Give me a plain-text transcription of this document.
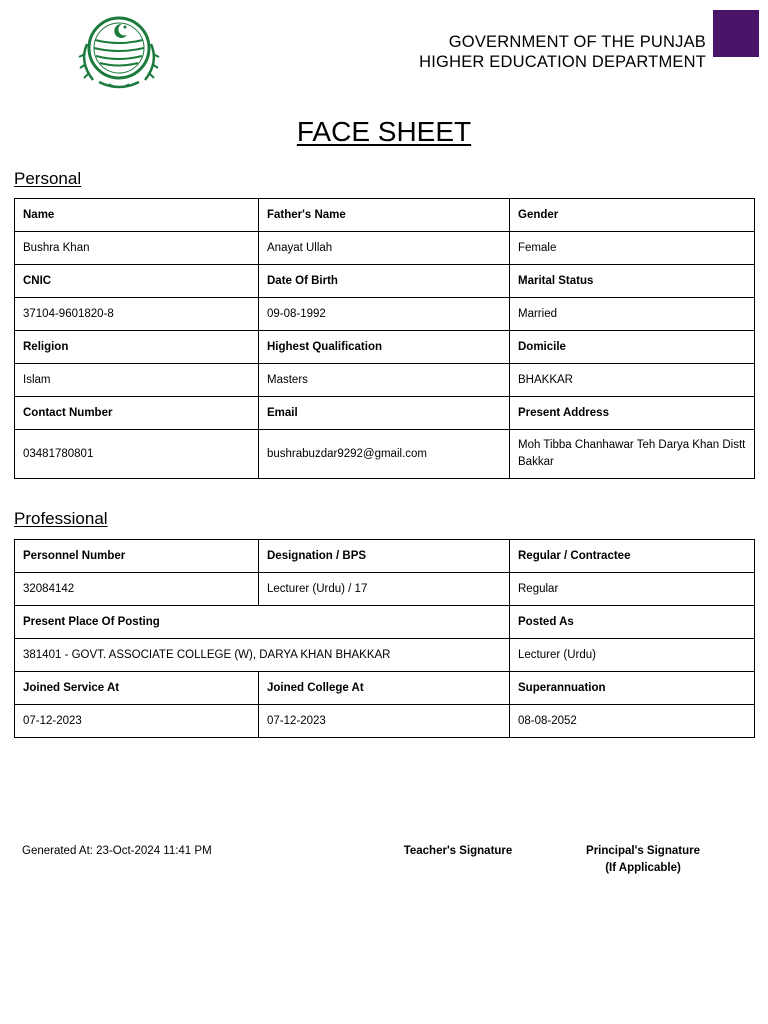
GOVERNMENT OF THE PUNJAB
HIGHER EDUCATION DEPARTMENT
FACE SHEET
Personal
Name	Father's Name	Gender
Bushra Khan	Anayat Ullah	Female
CNIC	Date Of Birth	Marital Status
37104-9601820-8	09-08-1992	Married
Religion	Highest Qualification	Domicile
Islam	Masters	BHAKKAR
Contact Number	Email	Present Address
03481780801	bushrabuzdar9292@gmail.com	Moh Tibba Chanhawar Teh Darya Khan Distt Bakkar
Professional
Personnel Number	Designation / BPS	Regular / Contractee
32084142	Lecturer (Urdu) / 17	Regular
Present Place Of Posting		Posted As
381401 - GOVT. ASSOCIATE COLLEGE (W), DARYA KHAN BHAKKAR		Lecturer (Urdu)
Joined Service At	Joined College At	Superannuation
07-12-2023	07-12-2023	08-08-2052
Generated At: 23-Oct-2024 11:41 PM	Teacher's Signature	Principal's Signature
(If Applicable)
